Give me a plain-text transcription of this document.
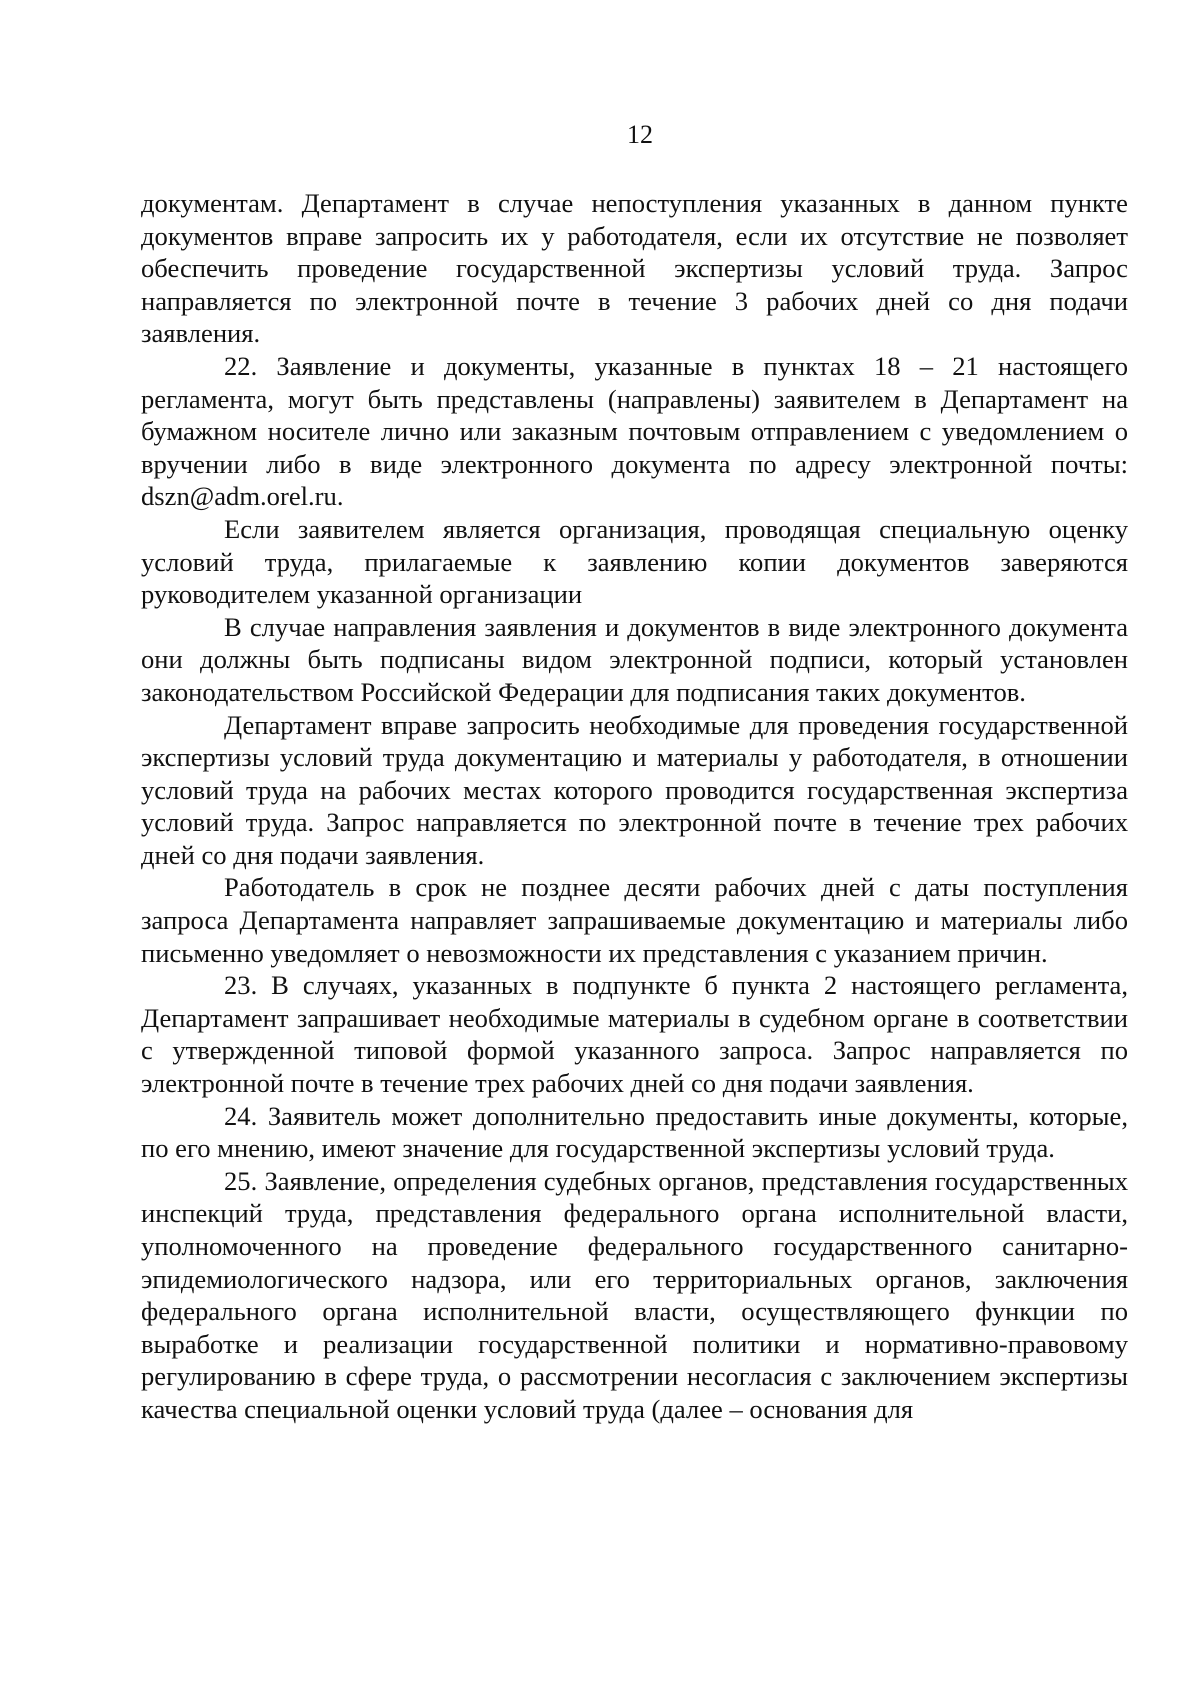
12

документам. Департамент в случае непоступления указанных в данном пункте документов вправе запросить их у работодателя, если их отсутствие не позволяет обеспечить проведение государственной экспертизы условий труда. Запрос направляется по электронной почте в течение 3 рабочих дней со дня подачи заявления.

22. Заявление и документы, указанные в пунктах 18 – 21 настоящего регламента, могут быть представлены (направлены) заявителем в Департамент на бумажном носителе лично или заказным почтовым отправлением с уведомлением о вручении либо в виде электронного документа по адресу электронной почты: dszn@adm.orel.ru.

Если заявителем является организация, проводящая специальную оценку условий труда, прилагаемые к заявлению копии документов заверяются руководителем указанной организации

В случае направления заявления и документов в виде электронного документа они должны быть подписаны видом электронной подписи, который установлен законодательством Российской Федерации для подписания таких документов.

Департамент вправе запросить необходимые для проведения государственной экспертизы условий труда документацию и материалы у работодателя, в отношении условий труда на рабочих местах которого проводится государственная экспертиза условий труда. Запрос направляется по электронной почте в течение трех рабочих дней со дня подачи заявления.

Работодатель в срок не позднее десяти рабочих дней с даты поступления запроса Департамента направляет запрашиваемые документацию и материалы либо письменно уведомляет о невозможности их представления с указанием причин.

23. В случаях, указанных в подпункте б пункта 2 настоящего регламента, Департамент запрашивает необходимые материалы в судебном органе в соответствии с утвержденной типовой формой указанного запроса. Запрос направляется по электронной почте в течение трех рабочих дней со дня подачи заявления.

24. Заявитель может дополнительно предоставить иные документы, которые, по его мнению, имеют значение для государственной экспертизы условий труда.

25. Заявление, определения судебных органов, представления государственных инспекций труда, представления федерального органа исполнительной власти, уполномоченного на проведение федерального государственного санитарно-эпидемиологического надзора, или его территориальных органов, заключения федерального органа исполнительной власти, осуществляющего функции по выработке и реализации государственной политики и нормативно-правовому регулированию в сфере труда, о рассмотрении несогласия с заключением экспертизы качества специальной оценки условий труда (далее – основания для
